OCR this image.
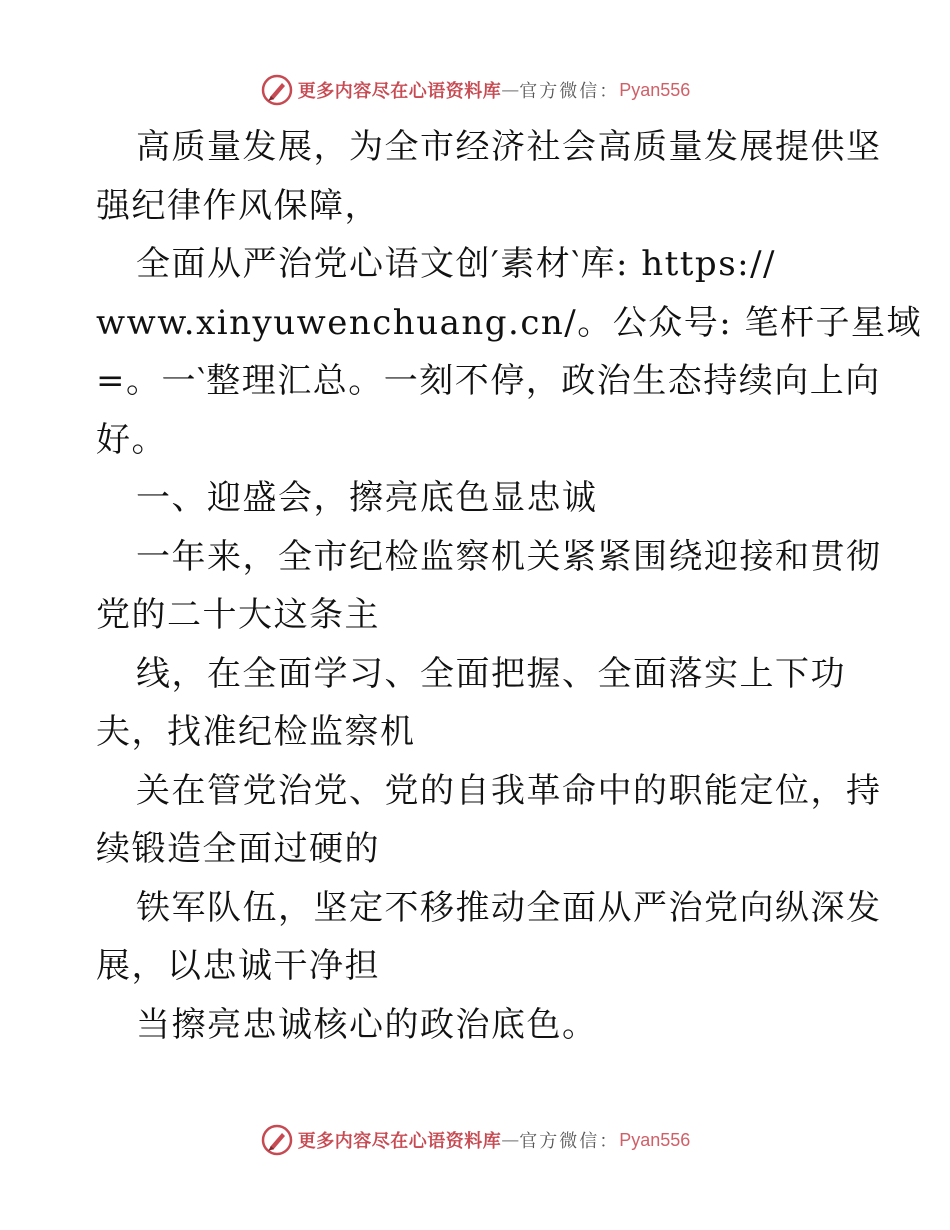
更多内容尽在心语资料库 — 官方微信： Pyan556

高质量发展，为全市经济社会高质量发展提供坚

强纪律作风保障，

全面从严治党心语文创′素材‵库: https://

www.xinyuwenchuang.cn/。公众号: 笔杆子星域

=。一‵整理汇总。一刻不停，政治生态持续向上向

好。

一、迎盛会，擦亮底色显忠诚

一年来，全市纪检监察机关紧紧围绕迎接和贯彻

党的二十大这条主

线，在全面学习、全面把握、全面落实上下功

夫，找准纪检监察机

关在管党治党、党的自我革命中的职能定位，持

续锻造全面过硬的

铁军队伍，坚定不移推动全面从严治党向纵深发

展，以忠诚干净担

当擦亮忠诚核心的政治底色。

更多内容尽在心语资料库 — 官方微信： Pyan556
